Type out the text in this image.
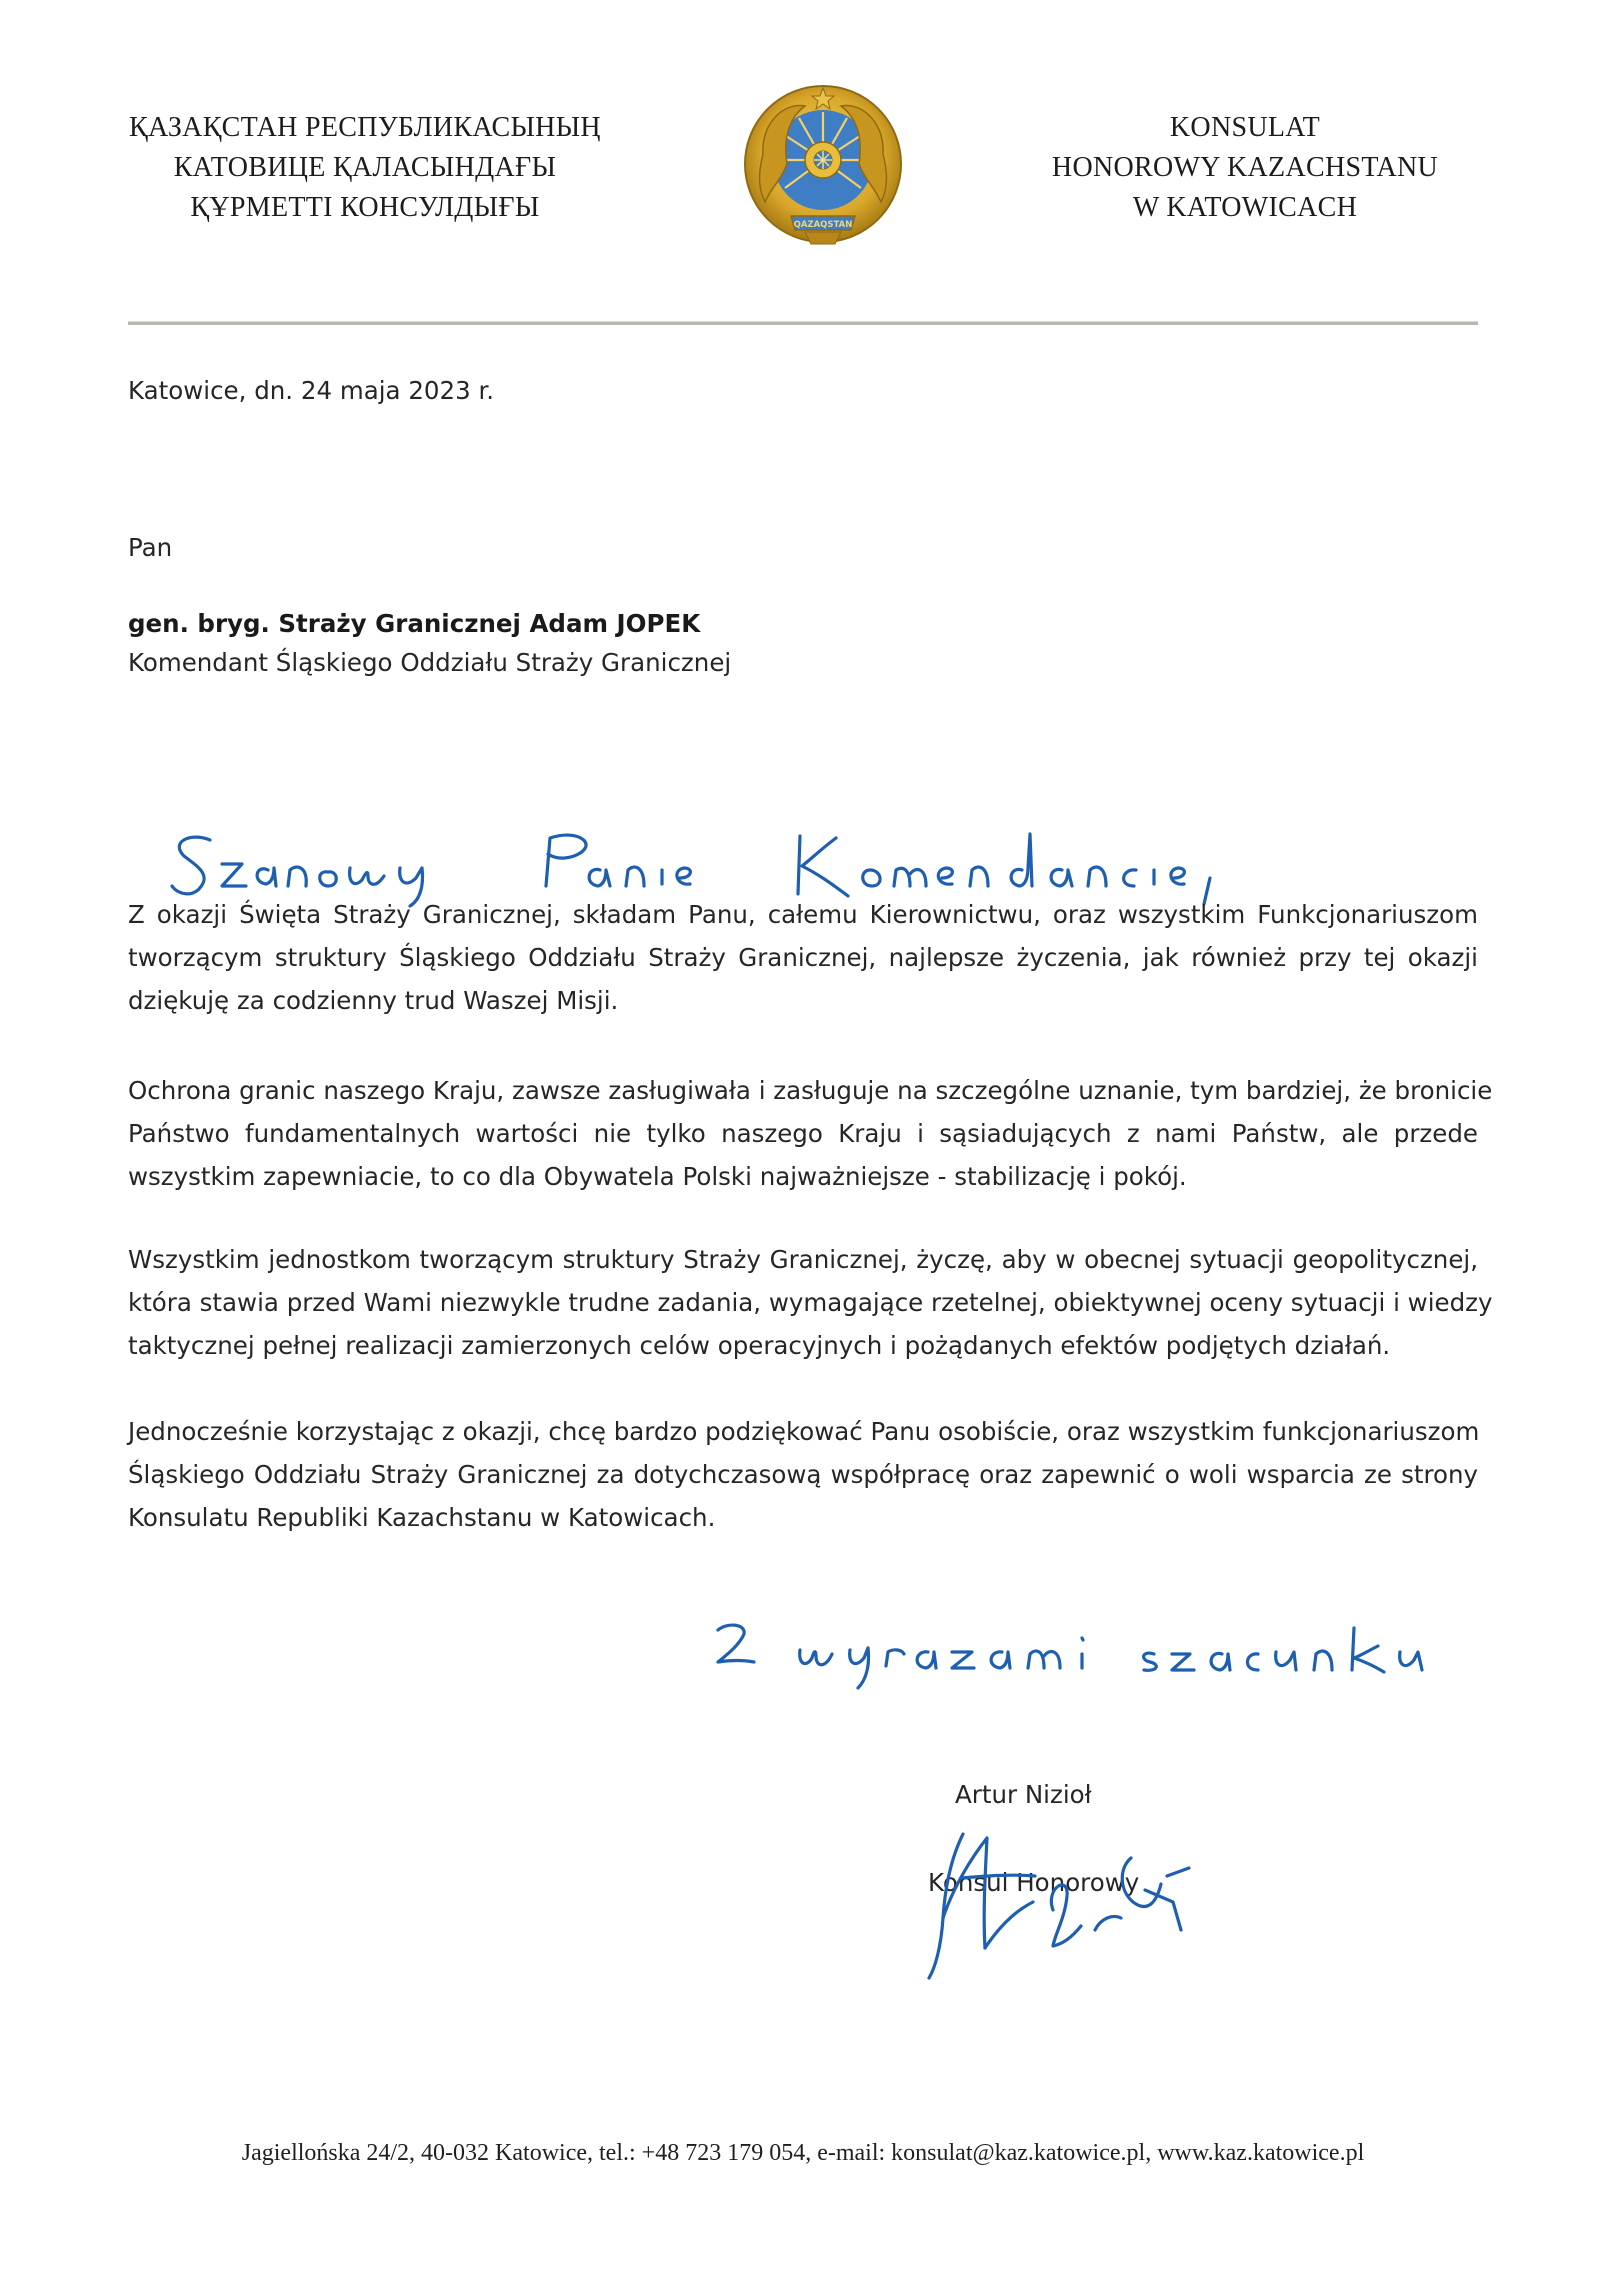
ҚАЗАҚСТАН РЕСПУБЛИКАСЫНЫҢ
КАТОВИЦЕ ҚАЛАСЫНДАҒЫ
ҚҰРМЕТТІ КОНСУЛДЫҒЫ
QAZAQSTAN
KONSULAT
HONOROWY KAZACHSTANU
W KATOWICACH
Katowice, dn. 24 maja 2023 r.
Pan
gen. bryg. Straży Granicznej Adam JOPEK
Komendant Śląskiego Oddziału Straży Granicznej
Z okazji Święta Straży Granicznej, składam Panu, całemu Kierownictwu, oraz wszystkim Funkcjonariuszom
tworzącym struktury Śląskiego Oddziału Straży Granicznej, najlepsze życzenia, jak również przy tej okazji
dziękuję za codzienny trud Waszej Misji.
Ochrona granic naszego Kraju, zawsze zasługiwała i zasługuje na szczególne uznanie, tym bardziej, że bronicie
Państwo fundamentalnych wartości nie tylko naszego Kraju i sąsiadujących z nami Państw, ale przede
wszystkim zapewniacie, to co dla Obywatela Polski najważniejsze - stabilizację i pokój.
Wszystkim jednostkom tworzącym struktury Straży Granicznej, życzę, aby w obecnej sytuacji geopolitycznej,
która stawia przed Wami niezwykle trudne zadania, wymagające rzetelnej, obiektywnej oceny sytuacji i wiedzy
taktycznej pełnej realizacji zamierzonych celów operacyjnych i pożądanych efektów podjętych działań.
Jednocześnie korzystając z okazji, chcę bardzo podziękować Panu osobiście, oraz wszystkim funkcjonariuszom
Śląskiego Oddziału Straży Granicznej za dotychczasową współpracę oraz zapewnić o woli wsparcia ze strony
Konsulatu Republiki Kazachstanu w Katowicach.
Artur Nizioł
Konsul Honorowy
Jagiellońska 24/2, 40-032 Katowice, tel.: +48 723 179 054, e-mail: konsulat@kaz.katowice.pl, www.kaz.katowice.pl
